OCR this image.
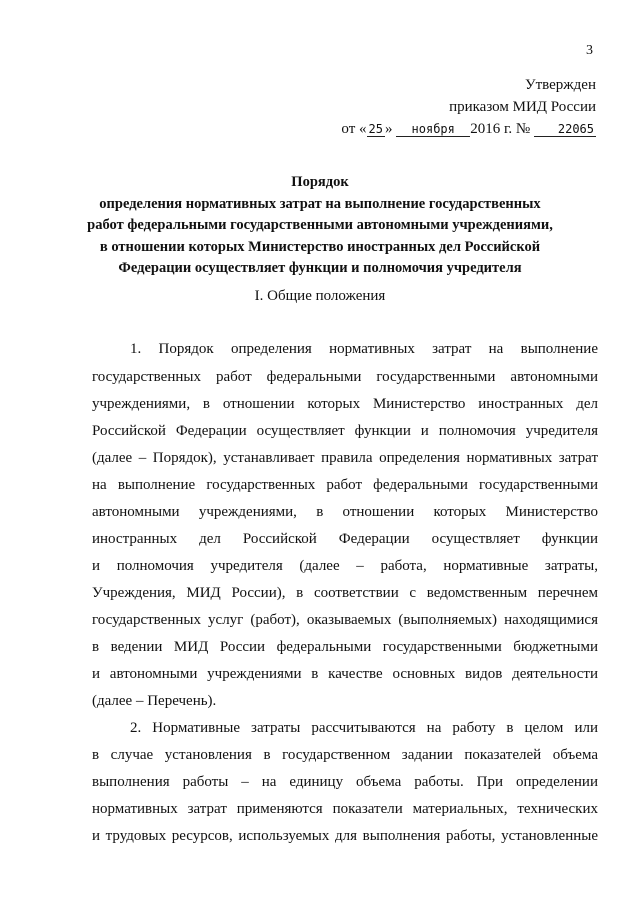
3
Утвержден
приказом МИД России
от « 25 » ноября 2016 г. № 22065
Порядок
определения нормативных затрат на выполнение государственных
работ федеральными государственными автономными учреждениями,
в отношении которых Министерство иностранных дел Российской
Федерации осуществляет функции и полномочия учредителя
I. Общие положения
1. Порядок определения нормативных затрат на выполнение
государственных работ федеральными государственными автономными
учреждениями, в отношении которых Министерство иностранных дел
Российской Федерации осуществляет функции и полномочия учредителя
(далее – Порядок), устанавливает правила определения нормативных затрат
на выполнение государственных работ федеральными государственными
автономными учреждениями, в отношении которых Министерство
иностранных дел Российской Федерации осуществляет функции
и полномочия учредителя (далее – работа, нормативные затраты,
Учреждения, МИД России), в соответствии с ведомственным перечнем
государственных услуг (работ), оказываемых (выполняемых) находящимися
в ведении МИД России федеральными государственными бюджетными
и автономными учреждениями в качестве основных видов деятельности
(далее – Перечень).
2. Нормативные затраты рассчитываются на работу в целом или
в случае установления в государственном задании показателей объема
выполнения работы – на единицу объема работы. При определении
нормативных затрат применяются показатели материальных, технических
и трудовых ресурсов, используемых для выполнения работы, установленные
